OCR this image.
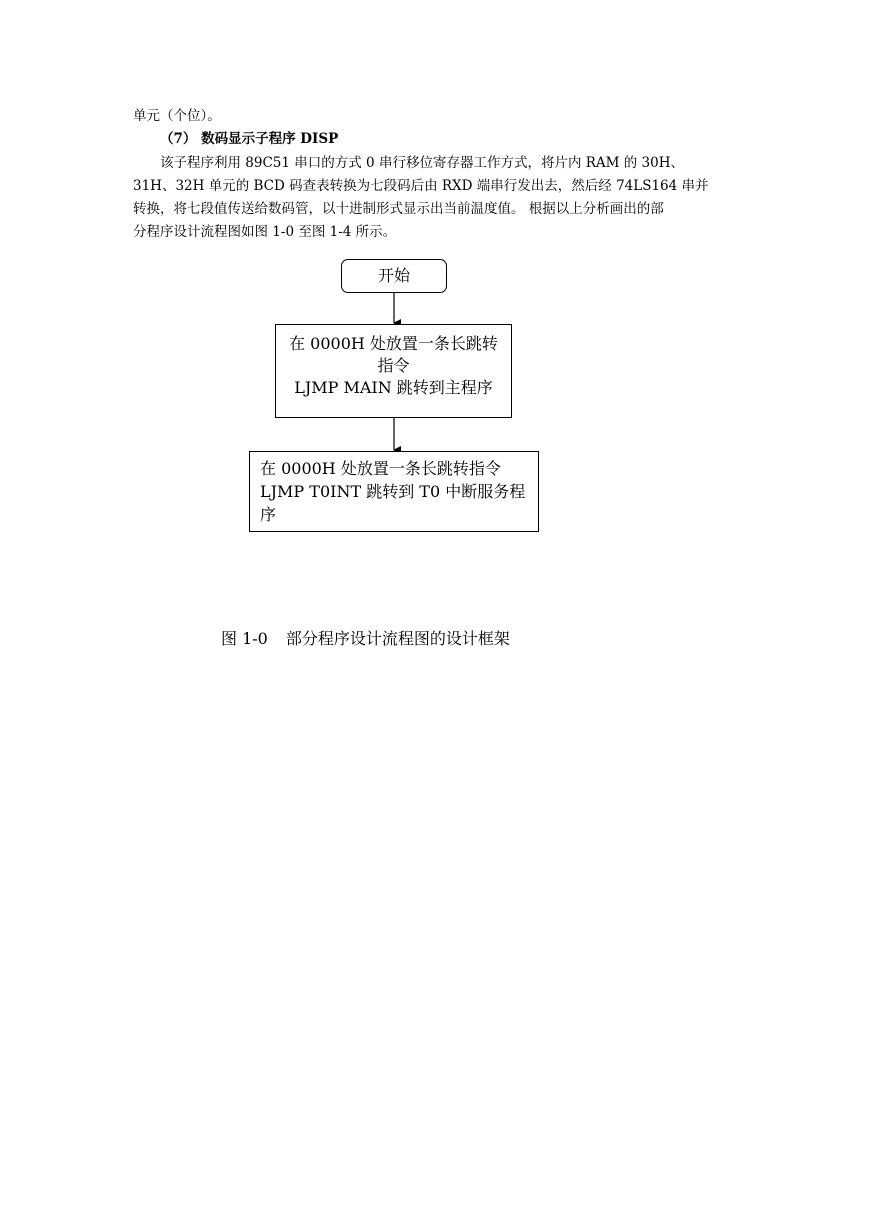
单元（个位）。
（7） 数码显示子程序 DISP
该子程序利用 89C51 串口的方式 0 串行移位寄存器工作方式，将片内 RAM 的 30H、
31H、32H 单元的 BCD 码查表转换为七段码后由 RXD 端串行发出去，然后经 74LS164 串并
转换，将七段值传送给数码管，以十进制形式显示出当前温度值。 根据以上分析画出的部
分程序设计流程图如图 1-0 至图 1-4 所示。
开始
在 0000H 处放置一条长跳转
指令
LJMP MAIN 跳转到主程序
在 0000H 处放置一条长跳转指令
LJMP T0INT 跳转到 T0 中断服务程
序
图 1-0 部分程序设计流程图的设计框架
